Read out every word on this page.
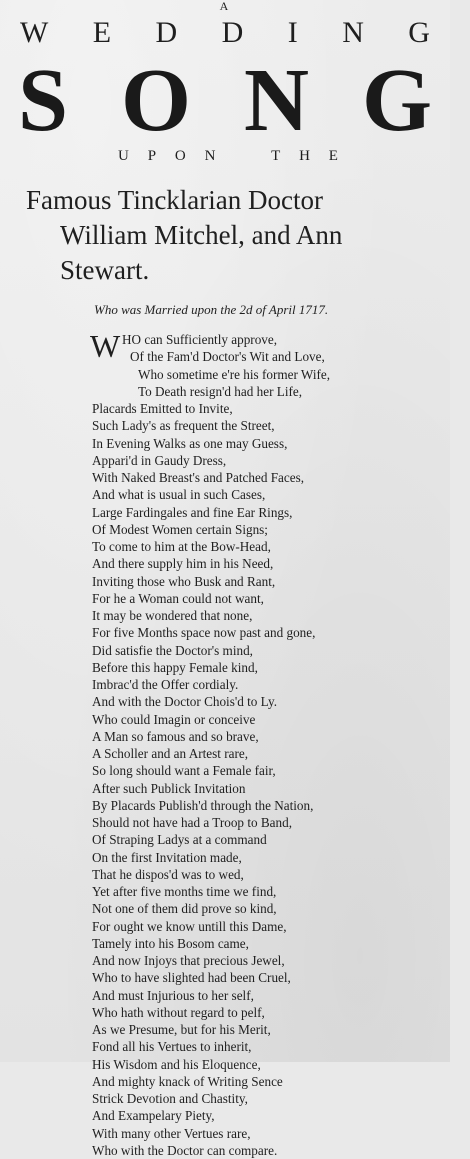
A
W E D D I N G
S O N G
U P O N	T H E
Famous Tincklarian Doctor
William Mitchel, and Ann
Stewart.
Who was Married upon the 2d of April 1717.
W HO can Sufficiently approve,
Of the Fam'd Doctor's Wit and Love,
Who sometime e're his former Wife,
To Death resign'd had her Life,
Placards Emitted to Invite,
Such Lady's as frequent the Street,
In Evening Walks as one may Guess,
Appari'd in Gaudy Dress,
With Naked Breast's and Patched Faces,
And what is usual in such Cases,
Large Fardingales and fine Ear Rings,
Of Modest Women certain Signs;
To come to him at the Bow-Head,
And there supply him in his Need,
Inviting those who Busk and Rant,
For he a Woman could not want,
It may be wondered that none,
For five Months space now past and gone,
Did satisfie the Doctor's mind,
Before this happy Female kind,
Imbrac'd the Offer cordialy.
And with the Doctor Chois'd to Ly.
Who could Imagin or conceive
A Man so famous and so brave,
A Scholler and an Artest rare,
So long should want a Female fair,
After such Publick Invitation
By Placards Publish'd through the Nation,
Should not have had a Troop to Band,
Of Straping Ladys at a command
On the first Invitation made,
That he dispos'd was to wed,
Yet after five months time we find,
Not one of them did prove so kind,
For ought we know untill this Dame,
Tamely into his Bosom came,
And now Injoys that precious Jewel,
Who to have slighted had been Cruel,
And must Injurious to her self,
Who hath without regard to pelf,
As we Presume, but for his Merit,
Fond all his Vertues to inherit,
His Wisdom and his Eloquence,
And mighty knack of Writing Sence
Strick Devotion and Chastity,
And Exampelary Piety,
With many other Vertues rare,
Who with the Doctor can compare.
